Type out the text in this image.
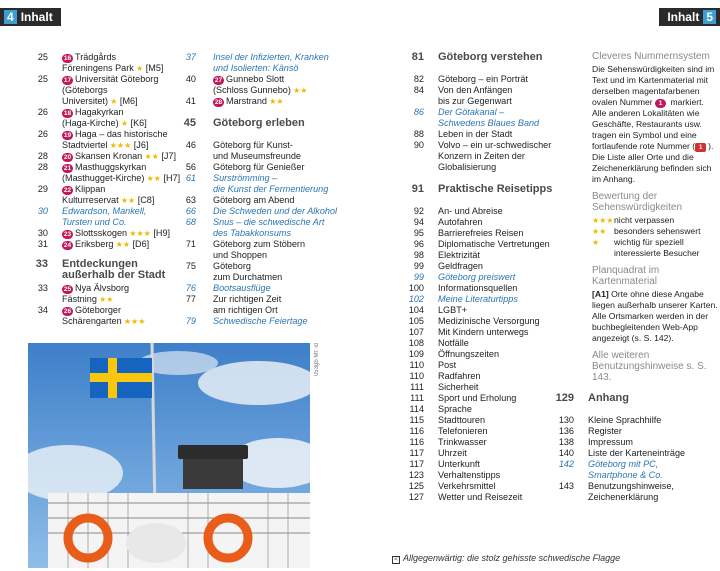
4 Inhalt	Inhalt 5
25 16 Trädgårds
Föreningens Park ★ [M5]
25 17 Universität Göteborg
(Göteborgs
Universitet) ★ [M6]
26 18 Hagakyrkan
(Haga-Kirche) ★ [K6]
26 19 Haga – das historische
Stadtviertel ★★★ [J6]
28 20 Skansen Kronan ★★ [J7]
28 21 Masthuggskyrkan
(Masthugget-Kirche) ★★ [H7]
29 22 Klippan
Kulturreservat ★★ [C8]
30 Edwardson, Mankell,
Tursten und Co.
30 23 Slottsskogen ★★★ [H9]
31 24 Eriksberg ★★ [D6]
33 Entdeckungen
außerhalb der Stadt
33 25 Nya Älvsborg
Fästning ★★
34 26 Göteborger
Schärengarten ★★★
37 Insel der Infizierten, Kranken
und Isolierten: Känsö
40	27 Gunnebo Slott
(Schloss Gunnebo) ★★
41	28 Marstrand ★★
45 Göteborg erleben
46 Göteborg für Kunst-
und Museumsfreunde
56 Göteborg für Genießer
61 Surströmming –
die Kunst der Fermentierung
63 Göteborg am Abend
66 Die Schweden und der Alkohol
68 Snus – die schwedische Art
des Tabakkonsums
71 Göteborg zum Stöbern
und Shoppen
75 Göteborg
zum Durchatmen
76 Bootsausflüge
77 Zur richtigen Zeit
am richtigen Ort
79 Schwedische Feiertage
81 Göteborg verstehen
82 Göteborg – ein Porträt
84 Von den Anfängen
bis zur Gegenwart
86 Der Götakanal –
Schwedens Blaues Band
88 Leben in der Stadt
90 Volvo – ein ur-schwedischer
Konzern in Zeiten der
Globalisierung
91 Praktische Reisetipps
92 An- und Abreise
94 Autofahren
95 Barrierefreies Reisen
96 Diplomatische Vertretungen
98 Elektrizität
99 Geldfragen
99 Göteborg preiswert
100 Informationsquellen
102 Meine Literaturtipps
104 LGBT+
105 Medizinische Versorgung
107 Mit Kindern unterwegs
108 Notfälle
109 Öffnungszeiten
110 Post
110 Radfahren
111 Sicherheit
111 Sport und Erholung
114 Sprache
115 Stadttouren
116 Telefonieren
116 Trinkwasser
117 Uhrzeit
117 Unterkunft
123 Verhaltenstipps
125 Verkehrsmittel
127 Wetter und Reisezeit
129 Anhang
130 Kleine Sprachhilfe
136 Register
138 Impressum
140 Liste der Karteneinträge
142 Göteborg mit PC,
Smartphone & Co.
143 Benutzungshinweise,
Zeichenerklärung
Cleveres Nummernsystem

Die Sehenswürdigkeiten sind im Text und im Kartenmaterial mit derselben magentafarbenen ovalen Nummer 1 markiert. Alle anderen Lokalitäten wie Geschäfte, Restaurants usw. tragen ein Symbol und eine fortlaufende rote Nummer ( 1 ). Die Liste aller Orte und die Zeichenerklärung befinden sich im Anhang.

Bewertung der Sehenswürdigkeiten

★★★nicht verpassen
★★ besonders sehenswert
★ wichtig für speziell interessierte Besucher

Planquadrat im Kartenmaterial

[A1] Orte ohne diese Angabe liegen außerhalb unserer Karten. Alle Ortsmarken werden in der buchbegleitenden Web-App angezeigt (s. S. 142).

Alle weiteren Benutzungshinweise s. S. 143.
053gb Mf: id
< Allgegenwärtig: die stolz gehisste schwedische Flagge
